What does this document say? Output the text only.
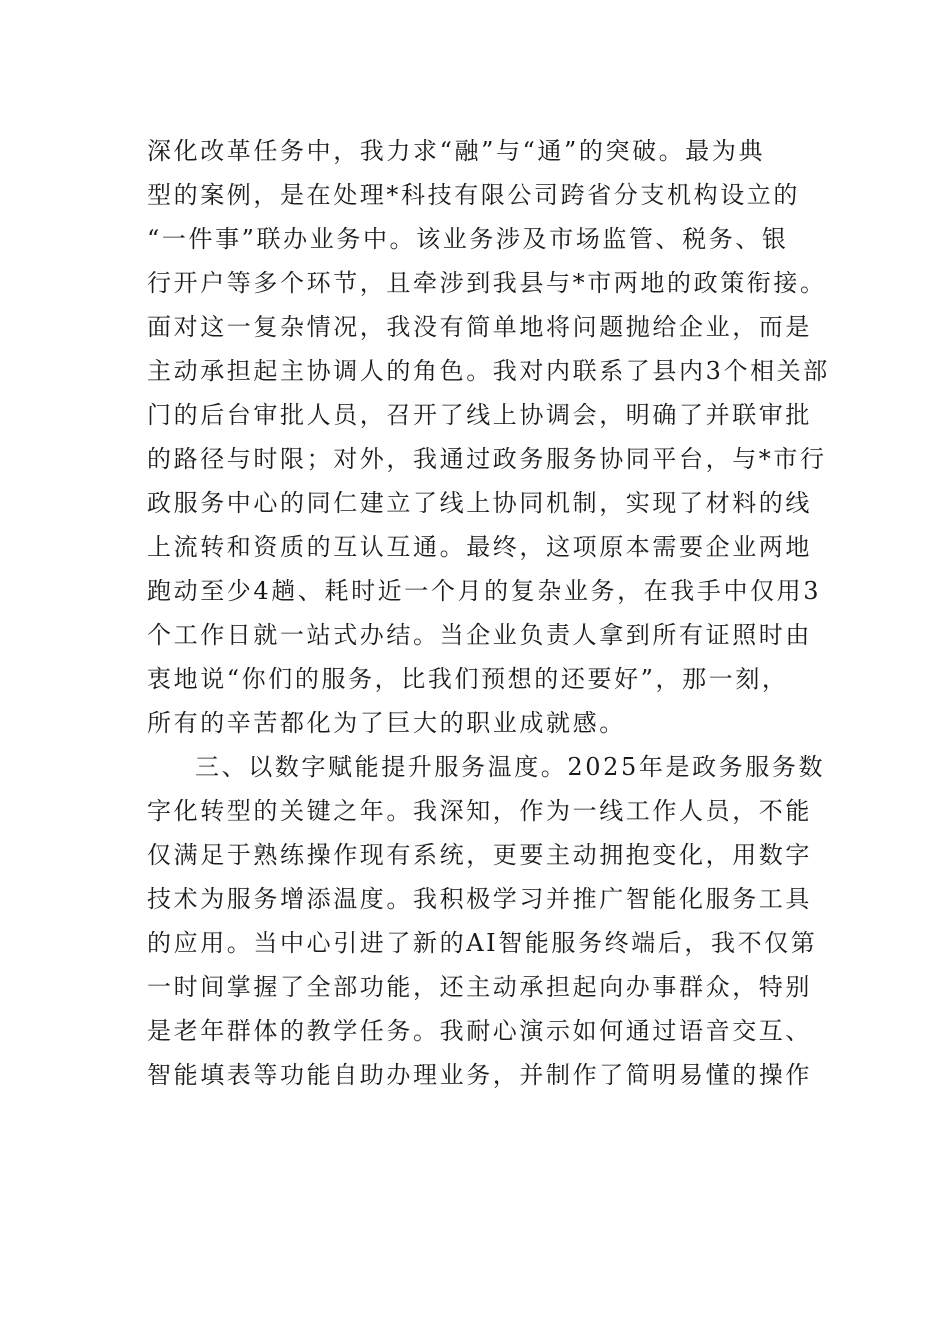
深化改革任务中，我力求“融”与“通”的突破。最为典
型的案例，是在处理*科技有限公司跨省分支机构设立的
“一件事”联办业务中。该业务涉及市场监管、税务、银
行开户等多个环节，且牵涉到我县与*市两地的政策衔接。
面对这一复杂情况，我没有简单地将问题抛给企业，而是
主动承担起主协调人的角色。我对内联系了县内3个相关部
门的后台审批人员，召开了线上协调会，明确了并联审批
的路径与时限；对外，我通过政务服务协同平台，与*市行
政服务中心的同仁建立了线上协同机制，实现了材料的线
上流转和资质的互认互通。最终，这项原本需要企业两地
跑动至少4趟、耗时近一个月的复杂业务，在我手中仅用3
个工作日就一站式办结。当企业负责人拿到所有证照时由
衷地说“你们的服务，比我们预想的还要好”，那一刻，
所有的辛苦都化为了巨大的职业成就感。
三、以数字赋能提升服务温度。2025年是政务服务数
字化转型的关键之年。我深知，作为一线工作人员，不能
仅满足于熟练操作现有系统，更要主动拥抱变化，用数字
技术为服务增添温度。我积极学习并推广智能化服务工具
的应用。当中心引进了新的AI智能服务终端后，我不仅第
一时间掌握了全部功能，还主动承担起向办事群众，特别
是老年群体的教学任务。我耐心演示如何通过语音交互、
智能填表等功能自助办理业务，并制作了简明易懂的操作
